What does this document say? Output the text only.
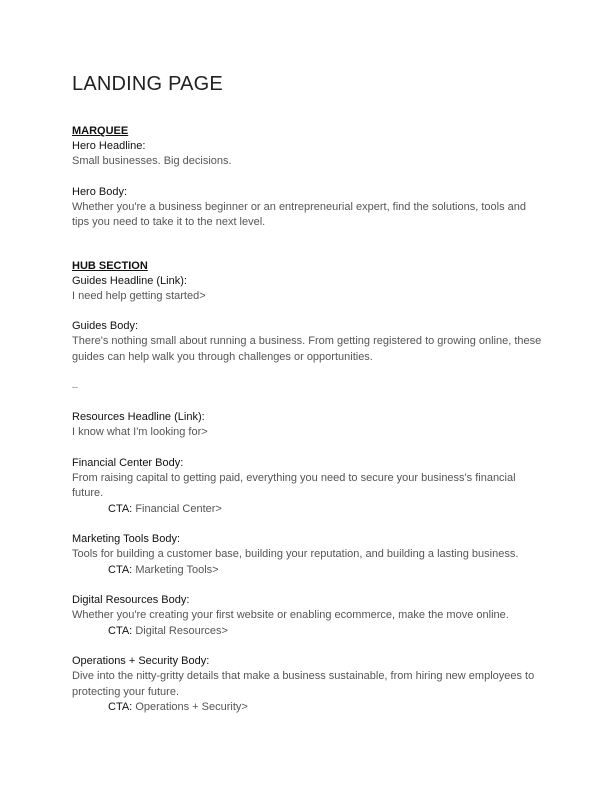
LANDING PAGE

MARQUEE

Hero Headline:

Small businesses. Big decisions.

Hero Body:

Whether you're a business beginner or an entrepreneurial expert, find the solutions, tools and tips you need to take it to the next level.

HUB SECTION

Guides Headline (Link):

I need help getting started>

Guides Body:

There's nothing small about running a business. From getting registered to growing online, these guides can help walk you through challenges or opportunities.

--

Resources Headline (Link):

I know what I'm looking for>

Financial Center Body:

From raising capital to getting paid, everything you need to secure your business's financial future.

CTA: Financial Center>

Marketing Tools Body:

Tools for building a customer base, building your reputation, and building a lasting business.

CTA: Marketing Tools>

Digital Resources Body:

Whether you're creating your first website or enabling ecommerce, make the move online.

CTA: Digital Resources>

Operations + Security Body:

Dive into the nitty-gritty details that make a business sustainable, from hiring new employees to protecting your future.

CTA: Operations + Security>
